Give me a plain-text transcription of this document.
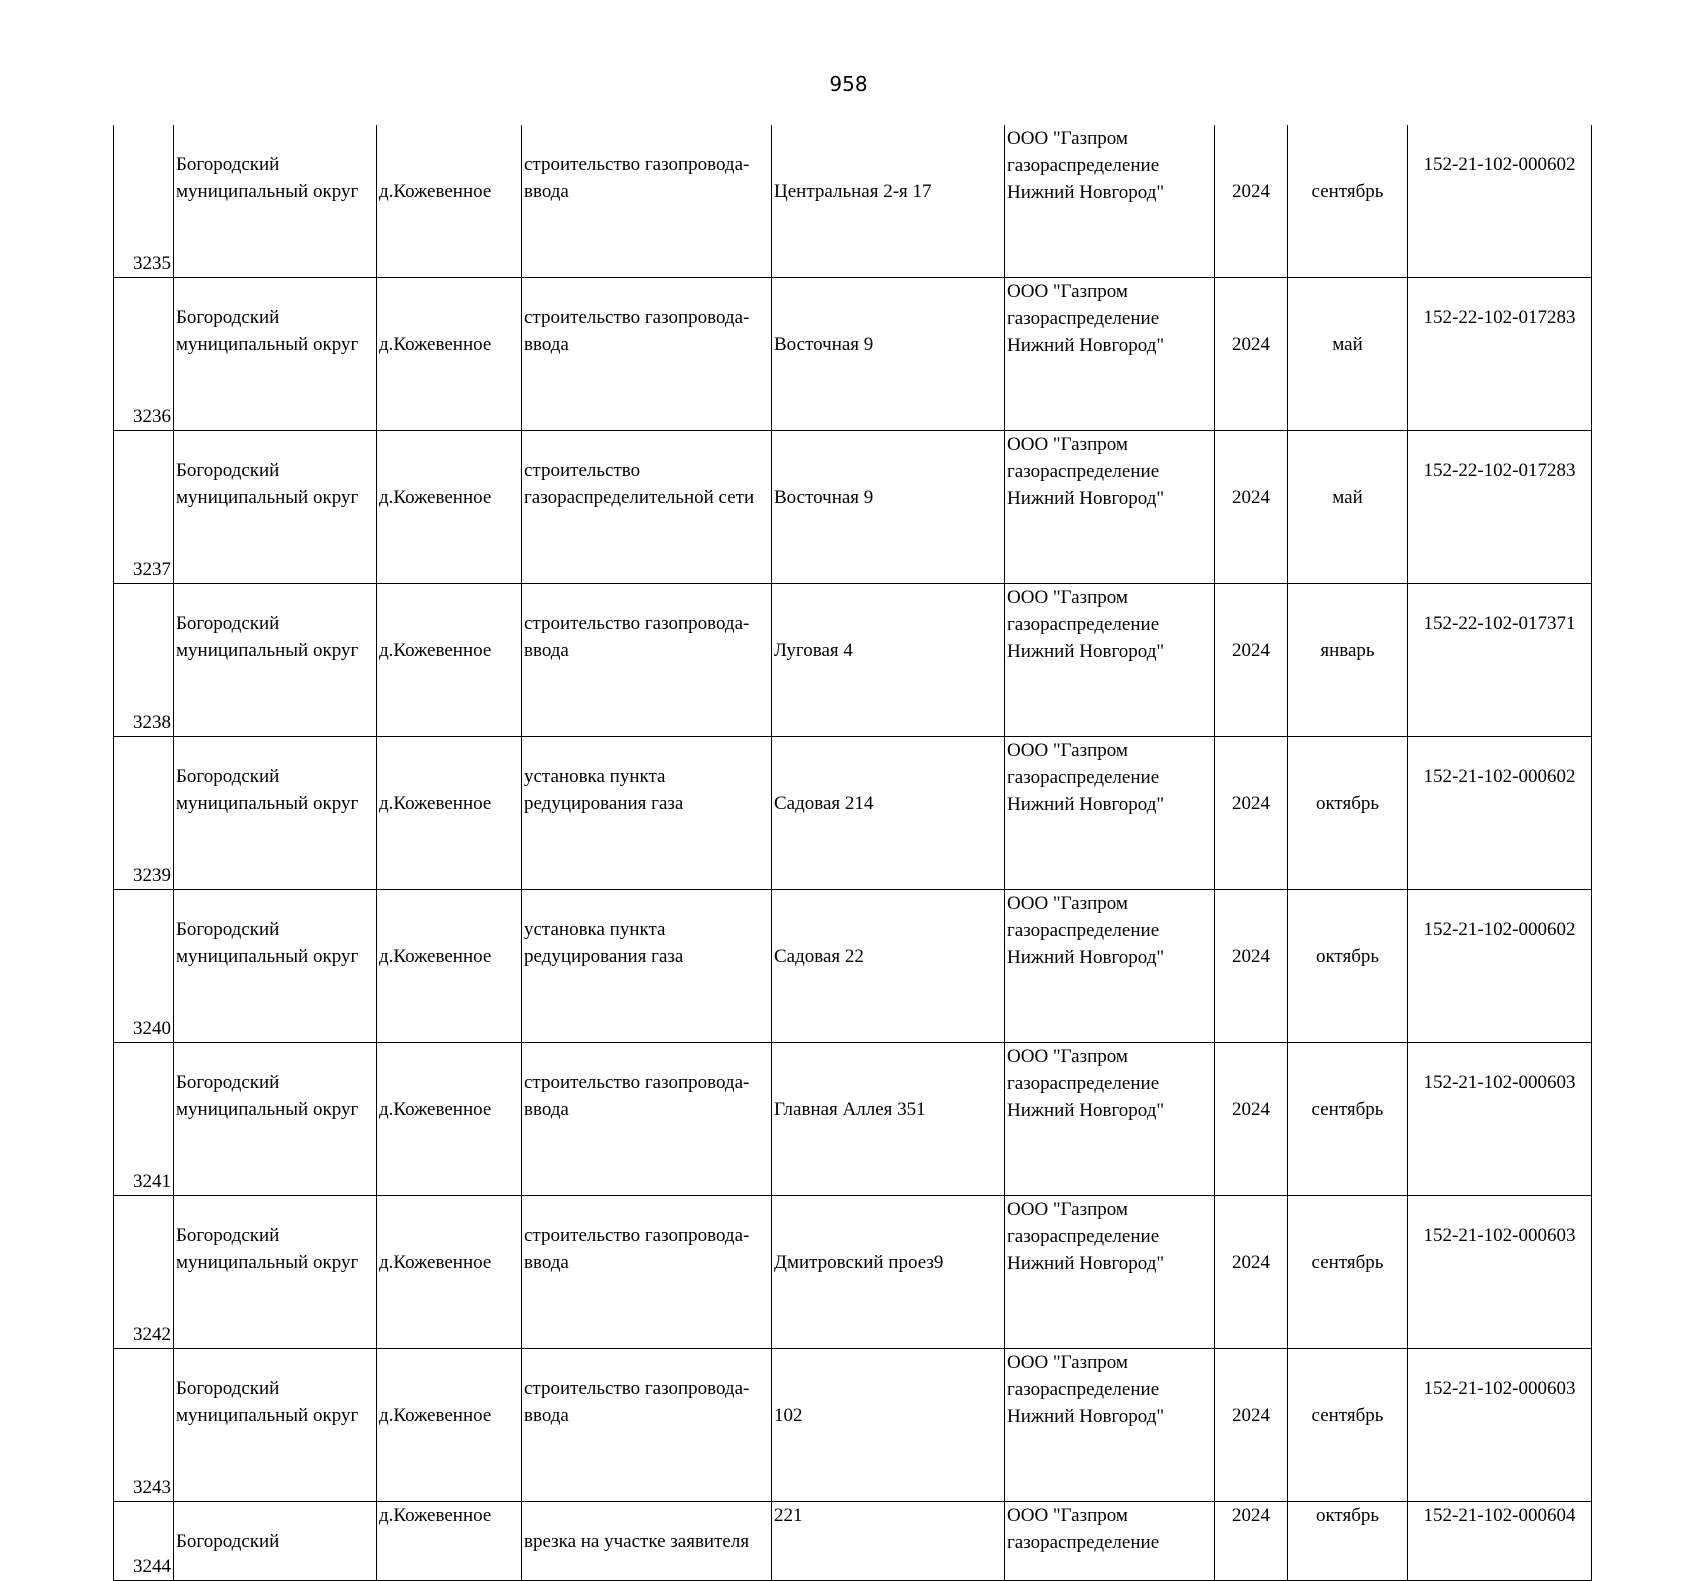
958
3235	Богородский
муниципальный округ	д.Кожевенное	строительство газопровода-
ввода	Центральная 2-я 17	ООО "Газпром
газораспределение
Нижний Новгород"	2024	сентябрь	152-21-102-000602
3236	Богородский
муниципальный округ	д.Кожевенное	строительство газопровода-
ввода	Восточная 9	ООО "Газпром
газораспределение
Нижний Новгород"	2024	май	152-22-102-017283
3237	Богородский
муниципальный округ	д.Кожевенное	строительство
газораспределительной сети	Восточная 9	ООО "Газпром
газораспределение
Нижний Новгород"	2024	май	152-22-102-017283
3238	Богородский
муниципальный округ	д.Кожевенное	строительство газопровода-
ввода	Луговая 4	ООО "Газпром
газораспределение
Нижний Новгород"	2024	январь	152-22-102-017371
3239	Богородский
муниципальный округ	д.Кожевенное	установка пункта
редуцирования газа	Садовая 214	ООО "Газпром
газораспределение
Нижний Новгород"	2024	октябрь	152-21-102-000602
3240	Богородский
муниципальный округ	д.Кожевенное	установка пункта
редуцирования газа	Садовая 22	ООО "Газпром
газораспределение
Нижний Новгород"	2024	октябрь	152-21-102-000602
3241	Богородский
муниципальный округ	д.Кожевенное	строительство газопровода-
ввода	Главная Аллея 351	ООО "Газпром
газораспределение
Нижний Новгород"	2024	сентябрь	152-21-102-000603
3242	Богородский
муниципальный округ	д.Кожевенное	строительство газопровода-
ввода	Дмитровский проез9	ООО "Газпром
газораспределение
Нижний Новгород"	2024	сентябрь	152-21-102-000603
3243	Богородский
муниципальный округ	д.Кожевенное	строительство газопровода-
ввода	102	ООО "Газпром
газораспределение
Нижний Новгород"	2024	сентябрь	152-21-102-000603
3244	Богородский	д.Кожевенное	врезка на участке заявителя	221	ООО "Газпром
газораспределение	2024	октябрь	152-21-102-000604
